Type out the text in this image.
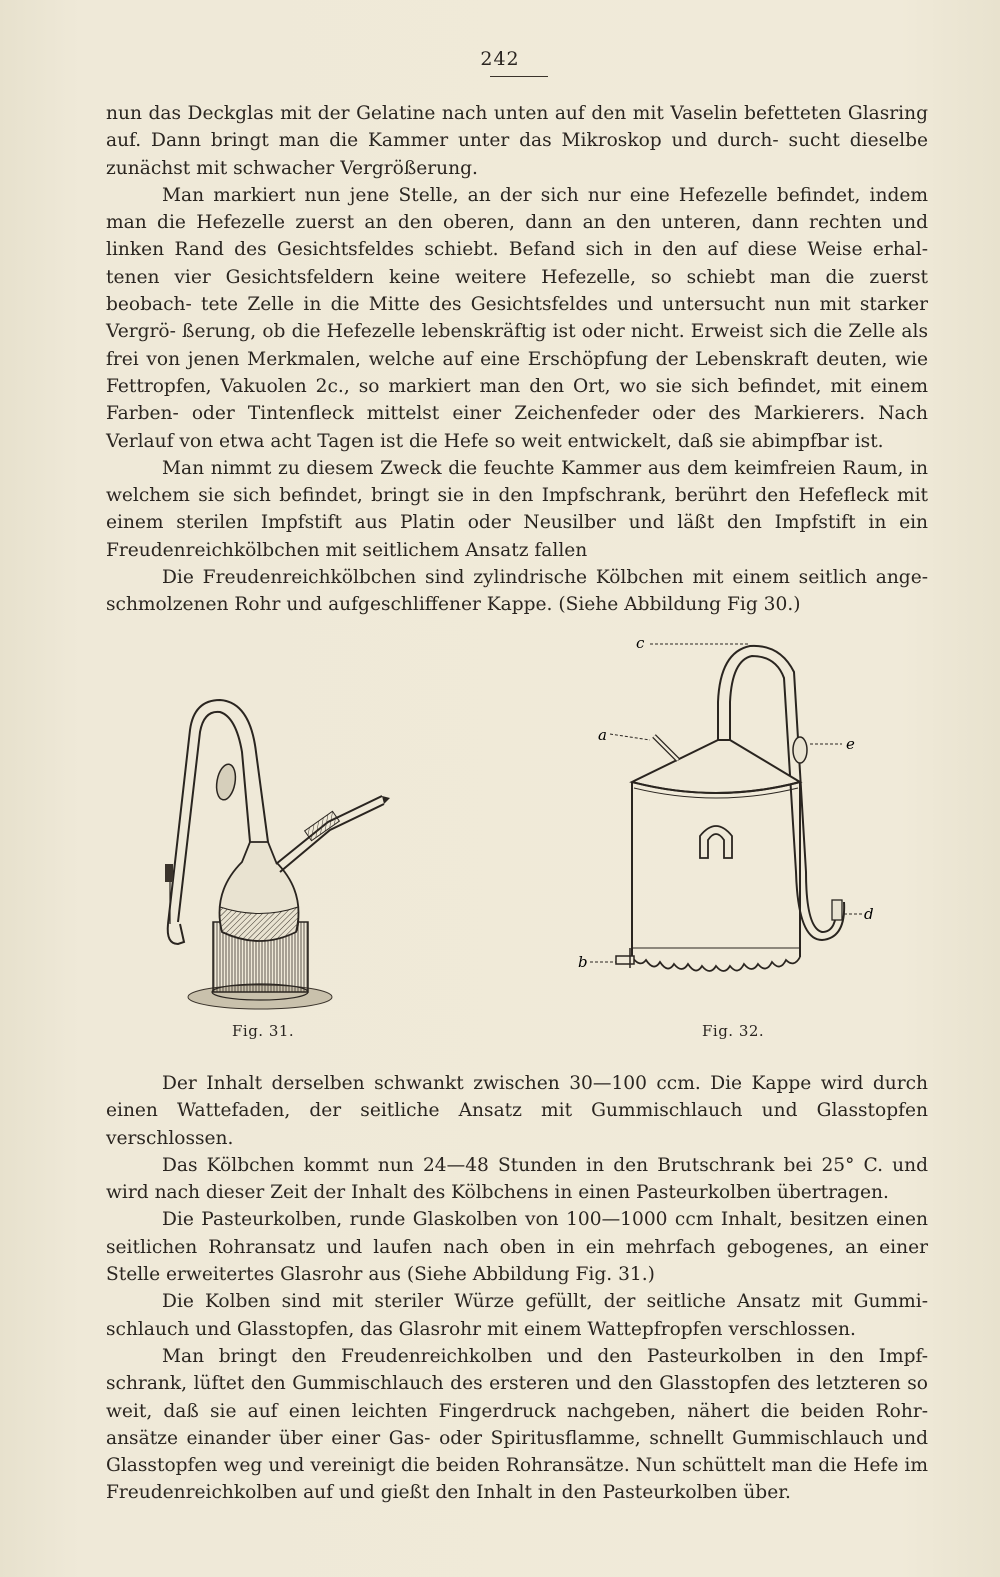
242

nun das Deckglas mit der Gelatine nach unten auf den mit Vaselin befetteten Glasring auf. Dann bringt man die Kammer unter das Mikroskop und durch- sucht dieselbe zunächst mit schwacher Vergrößerung.

Man markiert nun jene Stelle, an der sich nur eine Hefezelle befindet, indem man die Hefezelle zuerst an den oberen, dann an den unteren, dann rechten und linken Rand des Gesichtsfeldes schiebt. Befand sich in den auf diese Weise erhal- tenen vier Gesichtsfeldern keine weitere Hefezelle, so schiebt man die zuerst beobach- tete Zelle in die Mitte des Gesichtsfeldes und untersucht nun mit starker Vergrö- ßerung, ob die Hefezelle lebenskräftig ist oder nicht. Erweist sich die Zelle als frei von jenen Merkmalen, welche auf eine Erschöpfung der Lebenskraft deuten, wie Fettropfen, Vakuolen 2c., so markiert man den Ort, wo sie sich befindet, mit einem Farben- oder Tintenfleck mittelst einer Zeichenfeder oder des Markierers. Nach Verlauf von etwa acht Tagen ist die Hefe so weit entwickelt, daß sie abimpfbar ist.

Man nimmt zu diesem Zweck die feuchte Kammer aus dem keimfreien Raum, in welchem sie sich befindet, bringt sie in den Impfschrank, berührt den Hefefleck mit einem sterilen Impfstift aus Platin oder Neusilber und läßt den Impfstift in ein Freudenreichkölbchen mit seitlichem Ansatz fallen

Die Freudenreichkölbchen sind zylindrische Kölbchen mit einem seitlich ange- schmolzenen Rohr und aufgeschliffener Kappe. (Siehe Abbildung Fig 30.)

Fig. 31.
c
a	e
d
b
Fig. 32.

Der Inhalt derselben schwankt zwischen 30—100 ccm. Die Kappe wird durch einen Wattefaden, der seitliche Ansatz mit Gummischlauch und Glasstopfen verschlossen.

Das Kölbchen kommt nun 24—48 Stunden in den Brutschrank bei 25° C. und wird nach dieser Zeit der Inhalt des Kölbchens in einen Pasteurkolben übertragen.

Die Pasteurkolben, runde Glaskolben von 100—1000 ccm Inhalt, besitzen einen seitlichen Rohransatz und laufen nach oben in ein mehrfach gebogenes, an einer Stelle erweitertes Glasrohr aus (Siehe Abbildung Fig. 31.)

Die Kolben sind mit steriler Würze gefüllt, der seitliche Ansatz mit Gummi- schlauch und Glasstopfen, das Glasrohr mit einem Wattepfropfen verschlossen.

Man bringt den Freudenreichkolben und den Pasteurkolben in den Impf- schrank, lüftet den Gummischlauch des ersteren und den Glasstopfen des letzteren so weit, daß sie auf einen leichten Fingerdruck nachgeben, nähert die beiden Rohr- ansätze einander über einer Gas- oder Spiritusflamme, schnellt Gummischlauch und Glasstopfen weg und vereinigt die beiden Rohransätze. Nun schüttelt man die Hefe im Freudenreichkolben auf und gießt den Inhalt in den Pasteurkolben über.
